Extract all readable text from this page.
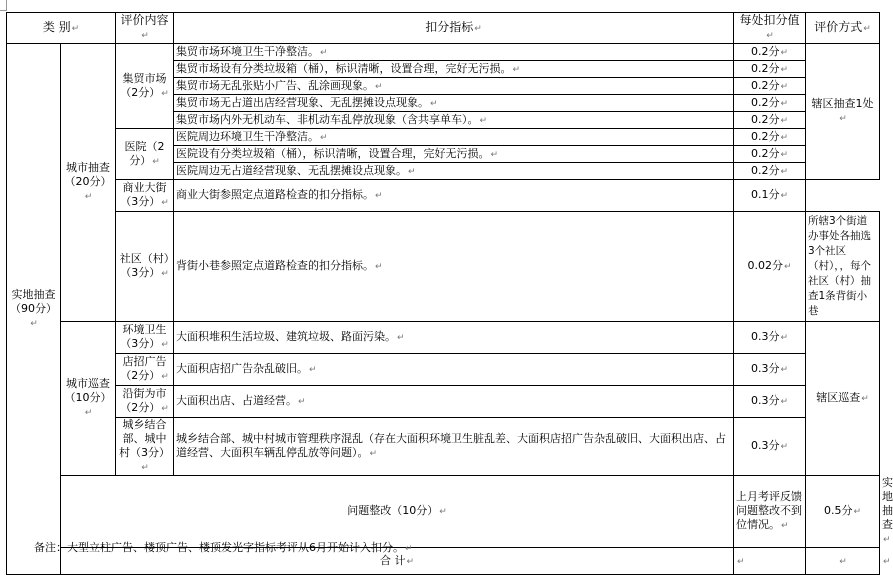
类 别↵		评价内容↵	扣分指标↵	每处扣分值↵	评价方式↵	
实地抽查（90分）↵	城市抽查（20分）↵	集贸市场（2分）↵	集贸市场环境卫生干净整洁。↵	0.2分↵	辖区抽查1处↵	
			集贸市场设有分类垃圾箱（桶），标识清晰，设置合理，完好无污损。↵	0.2分↵		
			集贸市场无乱张贴小广告、乱涂画现象。↵	0.2分↵		
			集贸市场无占道出店经营现象、无乱摆摊设点现象。↵	0.2分↵		
			集贸市场内外无机动车、非机动车乱停放现象（含共享单车）。↵	0.2分↵		
		医院（2分）↵	医院周边环境卫生干净整洁。↵	0.2分↵		
			医院设有分类垃圾箱（桶），标识清晰，设置合理，完好无污损。↵	0.2分↵		
			医院周边无占道经营现象、无乱摆摊设点现象。↵	0.2分↵		
		商业大街（3分）↵	商业大街参照定点道路检查的扣分指标。↵	0.1分↵		
		社区（村）（3分）↵	背街小巷参照定点道路检查的扣分指标。↵	0.02分↵	所辖3个街道办事处各抽选3个社区（村），，每个社区（村）抽查1条背街小巷	
	城市巡查（10分）↵	环境卫生（3分）↵	大面积堆积生活垃圾、建筑垃圾、路面污染。↵	0.3分↵	辖区巡查↵	
		店招广告（2分）↵	大面积店招广告杂乱破旧。↵	0.3分↵		
		沿街为市（2分）↵	大面积出店、占道经营。↵	0.3分↵		
		城乡结合部、城中村（3分）↵	城乡结合部、城中村城市管理秩序混乱（存在大面积环境卫生脏乱差、大面积店招广告杂乱破旧、大面积出店、占道经营、大面积车辆乱停乱放等问题）。↵	0.3分↵		
	问题整改（10分）↵			上月考评反馈问题整改不到位情况。↵	0.5分↵	实地抽查↵
	合 计↵			↵	↵	↵
备注：大型立柱广告、楼顶广告、楼顶发光字指标考评从6月开始计入扣分。↵
